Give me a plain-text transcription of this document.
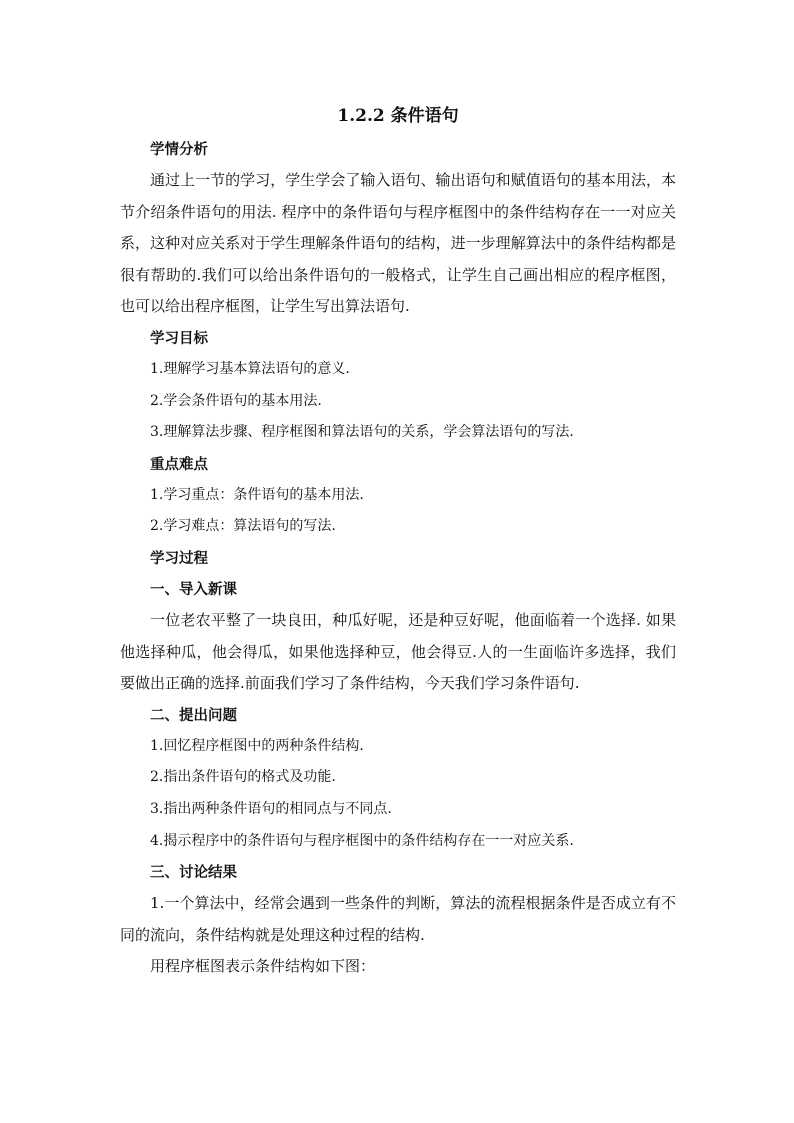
1.2.2 条件语句

学情分析

通过上一节的学习，学生学会了输入语句、输出语句和赋值语句的基本用法，本节介绍条件语句的用法. 程序中的条件语句与程序框图中的条件结构存在一一对应关系，这种对应关系对于学生理解条件语句的结构，进一步理解算法中的条件结构都是很有帮助的.我们可以给出条件语句的一般格式，让学生自己画出相应的程序框图，也可以给出程序框图，让学生写出算法语句.

学习目标

1.理解学习基本算法语句的意义.

2.学会条件语句的基本用法.

3.理解算法步骤、程序框图和算法语句的关系，学会算法语句的写法.

重点难点

1.学习重点：条件语句的基本用法.

2.学习难点：算法语句的写法.

学习过程

一、导入新课

一位老农平整了一块良田，种瓜好呢，还是种豆好呢，他面临着一个选择. 如果他选择种瓜，他会得瓜，如果他选择种豆，他会得豆.人的一生面临许多选择，我们要做出正确的选择.前面我们学习了条件结构，今天我们学习条件语句.

二、提出问题

1.回忆程序框图中的两种条件结构.

2.指出条件语句的格式及功能.

3.指出两种条件语句的相同点与不同点.

4.揭示程序中的条件语句与程序框图中的条件结构存在一一对应关系.

三、讨论结果

1.一个算法中，经常会遇到一些条件的判断，算法的流程根据条件是否成立有不同的流向，条件结构就是处理这种过程的结构.

用程序框图表示条件结构如下图：
